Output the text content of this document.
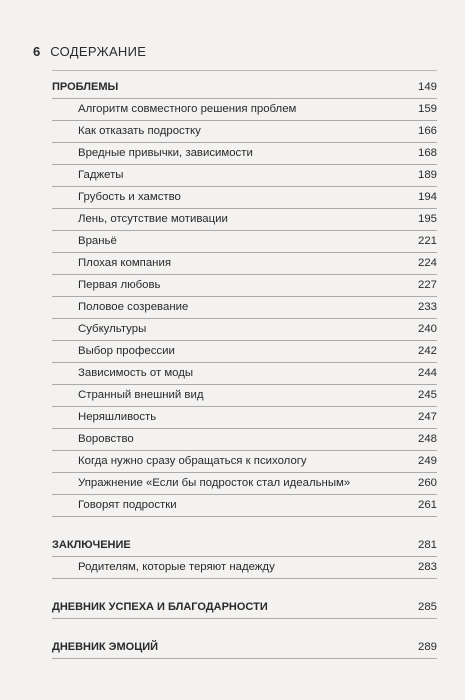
6 СОДЕРЖАНИЕ
ПРОБЛЕМЫ	149
Алгоритм совместного решения проблем	159
Как отказать подростку	166
Вредные привычки, зависимости	168
Гаджеты	189
Грубость и хамство	194
Лень, отсутствие мотивации	195
Враньё	221
Плохая компания	224
Первая любовь	227
Половое созревание	233
Субкультуры	240
Выбор профессии	242
Зависимость от моды	244
Странный внешний вид	245
Неряшливость	247
Воровство	248
Когда нужно сразу обращаться к психологу	249
Упражнение «Если бы подросток стал идеальным»	260
Говорят подростки	261
ЗАКЛЮЧЕНИЕ	281
Родителям, которые теряют надежду	283
ДНЕВНИК УСПЕХА И БЛАГОДАРНОСТИ	285
ДНЕВНИК ЭМОЦИЙ	289
